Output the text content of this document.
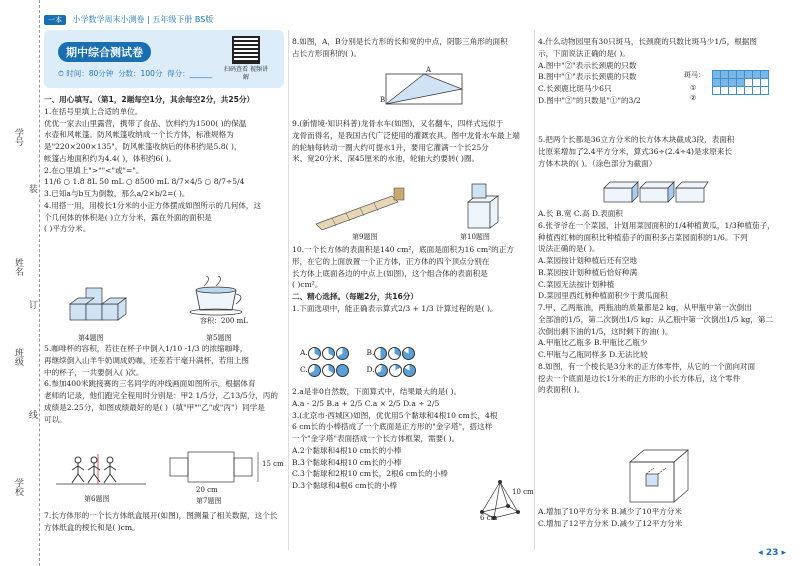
学号
姓名
班级
学校
装
订
线
一本 小学数学周末小测卷 | 五年级下册 BS版
期中综合测试卷
⏱ 时间：80分钟 分数：100分 得分：______ 扫码查看 视频讲解
一、用心填写。（第1，2题每空1分，其余每空2分，共25分）
1.在括号里填上合适的单位。
优优一家去山里露营，携带了食品、饮料约为1500( )的保温
水壶和风帐篷。防风帐篷收纳成一个长方体，标准规格为
是"220×200×135"，防风帐篷收纳后的体积约是5.8( )，
帐篷占地面积约为4.4( )，体积约6( )。
2.在○里填上">""<"或"="。
11/6 ○ 1.8 8L 50 mL ○ 8500 mL 8/7×4/5 ○ 8/7÷5/4
3.已知a与b互为倒数，那么a/2×b/2=( )。
4.用搭一用，用棱长1分米的小正方体摆成如图所示的几何体，这
个几何体的体积是( )立方分米，露在外面的面积是
( )平方分米。
第4题图
容积：200 mL
第5题图
5.咖啡杯的容积，若往在杯子中倒入1/10 -1/3 的浓缩咖啡，
再继续倒入山羊牛奶调成奶咖，还差若干毫升满杯，若用上图
中的杯子，一共要倒入( )次。
6.参加400米跳接赛的三名同学的冲线画面如图所示，根据体育
老师的记录，他们跑完全程用时分别是：甲2 1/5分，乙13/5分，丙的
成绩是2.25分，如图成绩最好的是( )（填"甲""乙"或"丙"）同学是
可以。
第6题图
20 cm
15 cm
第7题图
7.长方体形的一个长方体纸盒展开(如图)，图测量了相关数据，这个长
方体纸盒的棱长和是( )cm。
8.如图，A，B分别是长方形的长和宽的中点，阴影三角形的面积
占长方形面积的( )。
A
B
9.(新情境·知识科普)龙骨水车(如图)，又名翻车，四样式远似于
龙骨而得名，是我国古代广泛使用的灌溉农具。图中龙骨水车最上端
的轮轴每转动一圈大约可提水1升，要用它灌满一个长25分
米、宽20分米、深45厘米的水池，轮轴大约要转( )圈。
第9题图	第10题图
10.一个长方体的表面积是140 cm²，底面是面积为16 cm²的正方
形，在它的上面放置一个正方体，正方体的四个顶点分别在
长方体上底面各边的中点上(如图)，这个组合体的表面积是
( )cm²。
二、精心选择。（每题2分，共16分）
1.下面选项中，能正确表示算式2/3 + 1/3 计算过程的是( )。
A.	B.
C.	D.
2.a是非0自然数，下面算式中，结果最大的是( )。
A.a - 2/5 B.a + 2/5 C.a × 2/5 D.a ÷ 2/5
3.(北京市·西城区)如图，优优用5个黏球和4根10 cm长，4根
6 cm长的小棒搭成了一个底面是正方形的"金字塔"，搭这样
一个"金字塔"表面搭成一个长方体框架，需要( )。
A.2个黏球和4根10 cm长的小棒
B.3个黏球和4根10 cm长的小棒
C.3个黏球和2根10 cm长，2根6 cm长的小棒
D.3个黏球和4根6 cm长的小棒
10 cm
6 cm
4.什么动物园里有30只斑马，长颈鹿的只数比斑马少1/5，根据图
示，下面说法正确的是( )。
A.图中"②"表示长颈鹿的只数
B.图中"①"表示长颈鹿的只数
C.长颈鹿比斑马少6只
D.图中"②"的只数是"①"的3/2
斑马：
①
②
5.把两个长都是36立方分米的长方体木块截成3段，表面积
比原来增加了2.4平方分米，算式36÷(2.4÷4)是求原来长
方体木块的( )。（涂色部分为截面）
A.长 B.宽 C.高 D.表面积
6.张爷爷在一个菜园，计划用菜园面积的1/4种植黄瓜，1/3种植茄子，
种植西红柿的面积比种植茄子的面积多占菜园面积的1/6。下列
说法正确的是( )。
A.菜园按计划种植后还有空地
B.菜园按计划种植后恰好种满
C.菜园无法按计划种植
D.菜园里西红柿种植面积少于黄瓜面积
7.甲、乙两瓶油，两瓶油的质量都是2 kg，从甲瓶中第一次倒出
全部油的1/5，第二次倒出1/5 kg；从乙瓶中第一次倒出1/5 kg，第二
次倒出剩下油的1/5，这时剩下的油( )。
A.甲瓶比乙瓶多 B.甲瓶比乙瓶少
C.甲瓶与乙瓶同样多 D.无法比较
8.如图，有一个棱长是3分米的正方体零件，从它的一个面向对面
挖去一个底面是边长1分米的正方形的小长方体后，这个零件
的表面积( )。
A.增加了10平方分米 B.减少了10平方分米
C.增加了12平方分米 D.减少了12平方分米
◂ 23 ▸
